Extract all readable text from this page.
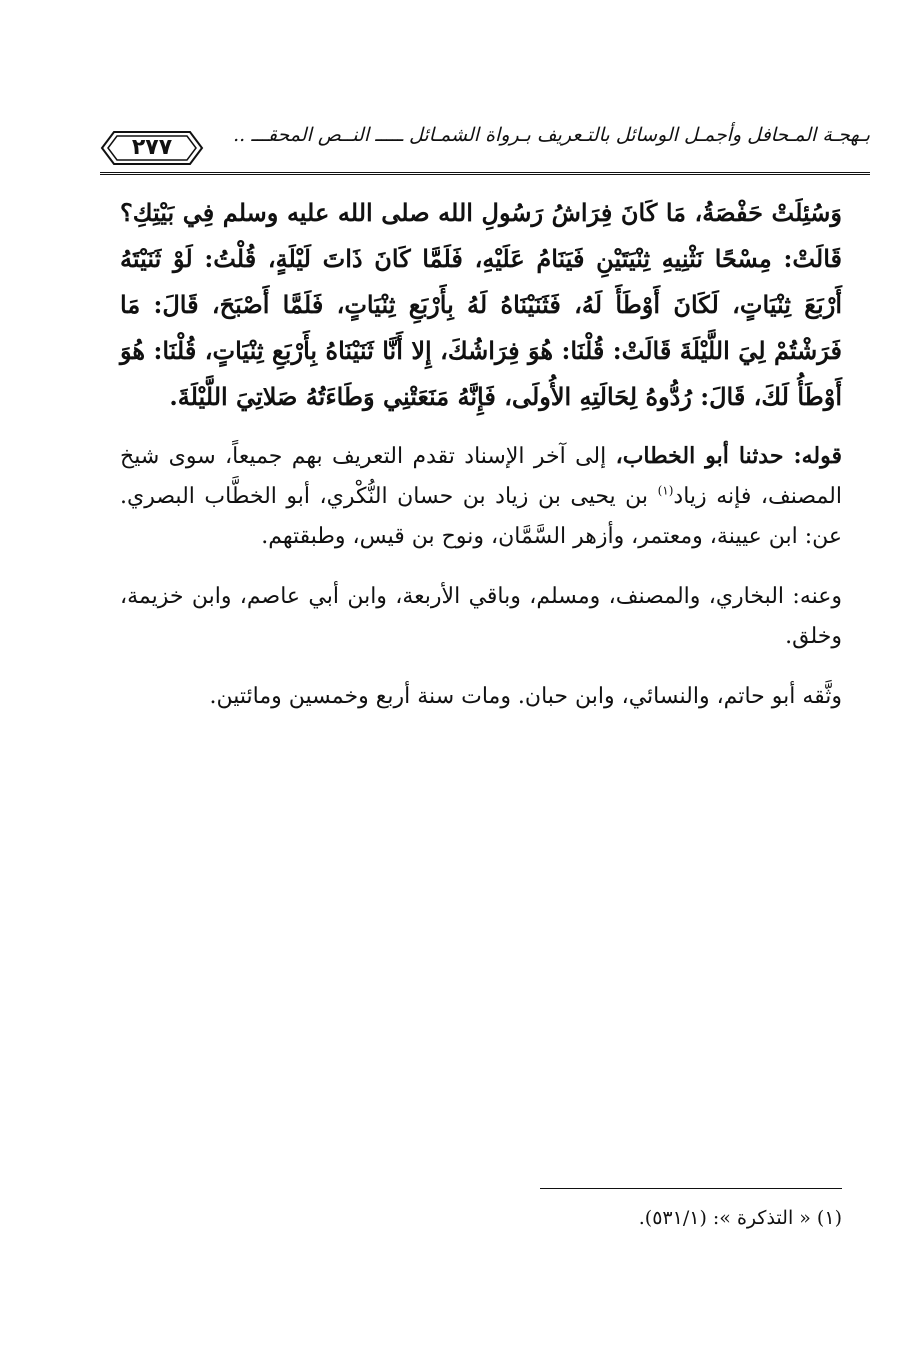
٢٧٧	بـهجـة المـحافل وأجمـل الوسائل بالتـعريف بـرواة الشمـائل ـــــ النــص المحقـــ ..

وَسُئِلَتْ حَفْصَةُ، مَا كَانَ فِرَاشُ رَسُولِ الله صلى الله عليه وسلم فِي بَيْتِكِ؟ قَالَتْ: مِسْحًا نَثْنِيهِ ثِنْيَتَيْنِ فَيَنَامُ عَلَيْهِ، فَلَمَّا كَانَ ذَاتَ لَيْلَةٍ، قُلْتُ: لَوْ ثَنَيْتَهُ أَرْبَعَ ثِنْيَاتٍ، لَكَانَ أَوْطَأَ لَهُ، فَثَنَيْنَاهُ لَهُ بِأَرْبَعِ ثِنْيَاتٍ، فَلَمَّا أَصْبَحَ، قَالَ: مَا فَرَشْتُمْ لِيَ اللَّيْلَةَ قَالَتْ: قُلْنَا: هُوَ فِرَاشُكَ، إِلا أَنَّا ثَنَيْنَاهُ بِأَرْبَعِ ثِنْيَاتٍ، قُلْنَا: هُوَ أَوْطَأُ لَكَ، قَالَ: رُدُّوهُ لِحَالَتِهِ الأُولَى، فَإِنَّهُ مَنَعَتْنِي وَطَاءَتُهُ صَلاتِيَ اللَّيْلَةَ.

قوله: حدثنا أبو الخطاب، إلى آخر الإسناد تقدم التعريف بهم جميعاً، سوى شيخ المصنف، فإنه زياد$^{(١)}$ بن يحيى بن زياد بن حسان النُّكْري، أبو الخطَّاب البصري. عن: ابن عيينة، ومعتمر، وأزهر السَّمَّان، ونوح بن قيس، وطبقتهم.

وعنه: البخاري، والمصنف، ومسلم، وباقي الأربعة، وابن أبي عاصم، وابن خزيمة، وخلق.

وثَّقه أبو حاتم، والنسائي، وابن حبان. ومات سنة أربع وخمسين ومائتين.

(١) « التذكرة »: (٥٣١/١).
